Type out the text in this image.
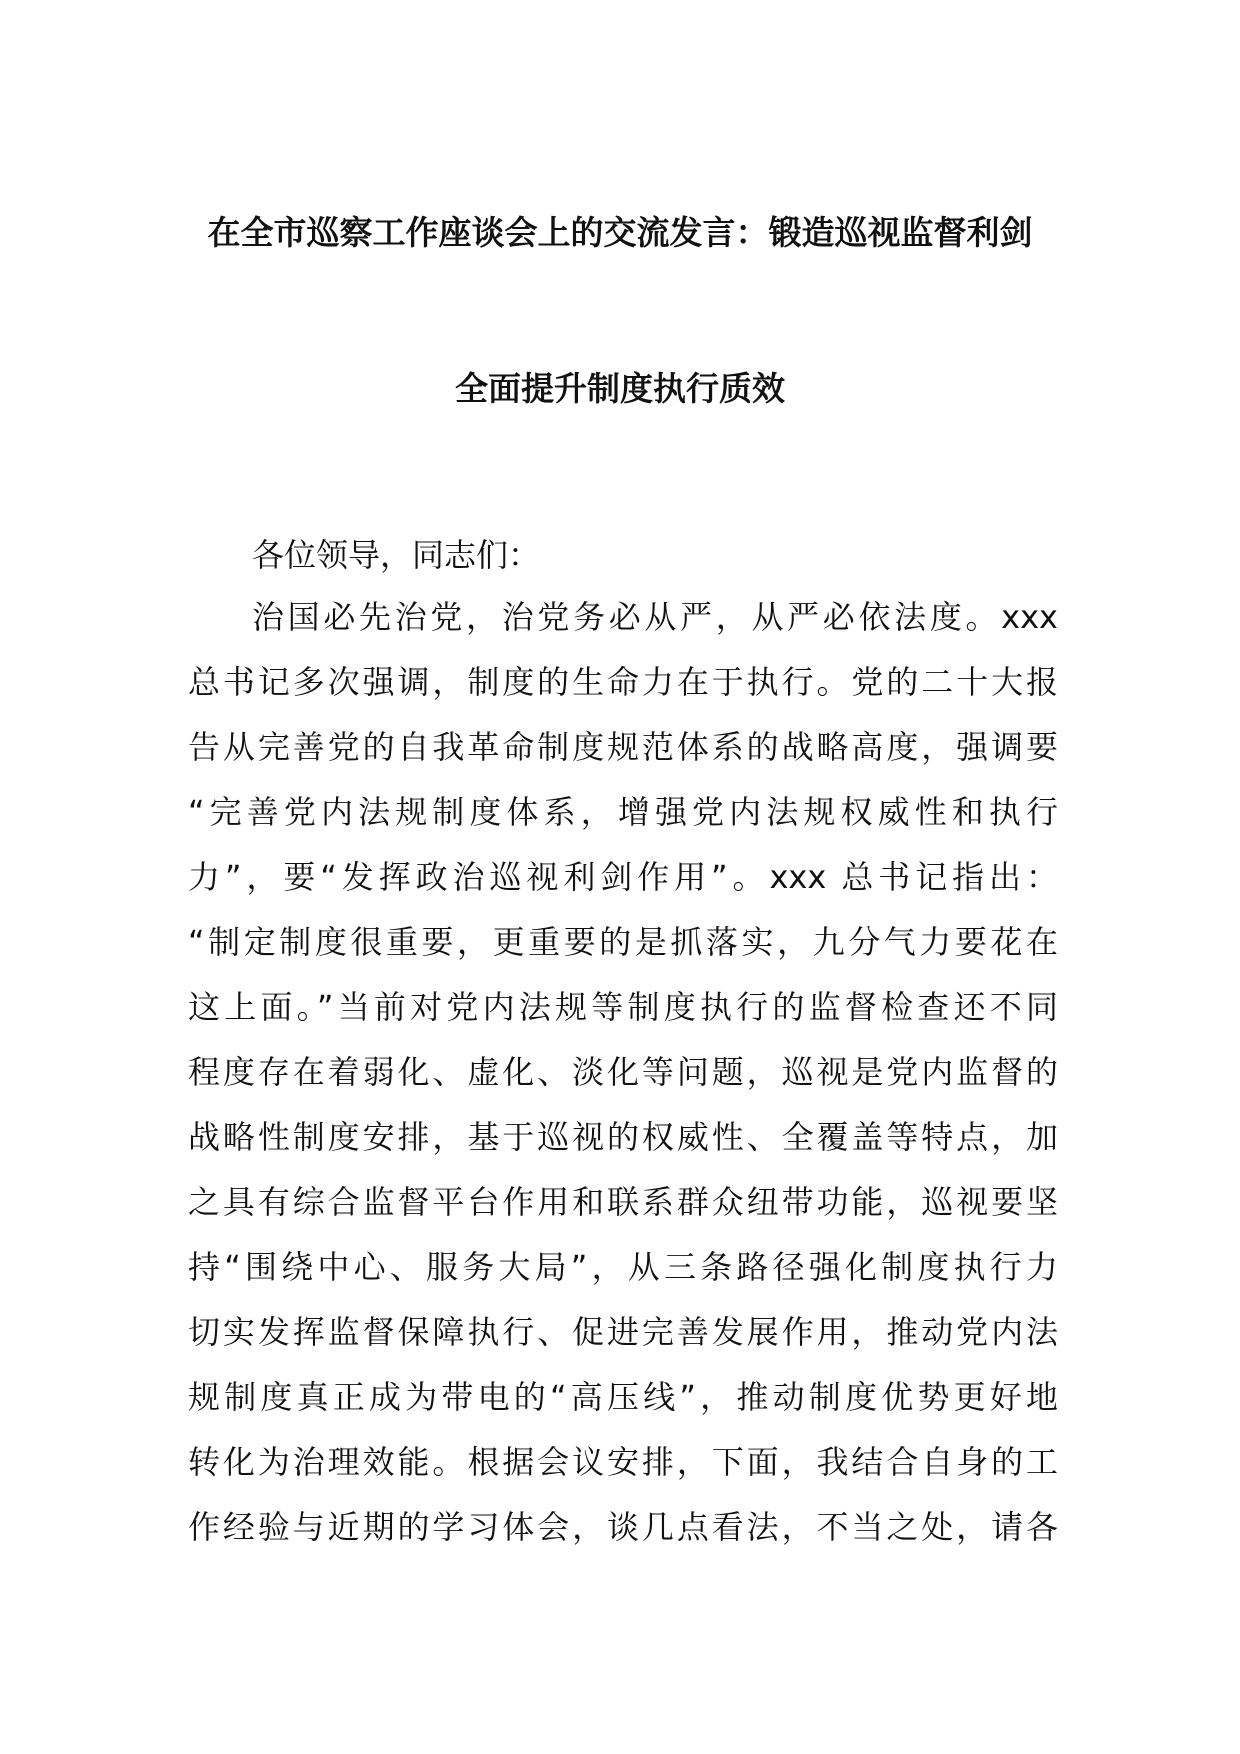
在全市巡察工作座谈会上的交流发言：锻造巡视监督利剑
全面提升制度执行质效
各位领导，同志们：
治国必先治党，治党务必从严，从严必依法度。xxx
总书记多次强调，制度的生命力在于执行。党的二十大报
告从完善党的自我革命制度规范体系的战略高度，强调要
“完善党内法规制度体系，增强党内法规权威性和执行
力”，要“发挥政治巡视利剑作用”。xxx 总书记指出：
“制定制度很重要，更重要的是抓落实，九分气力要花在
这上面。”当前对党内法规等制度执行的监督检查还不同
程度存在着弱化、虚化、淡化等问题，巡视是党内监督的
战略性制度安排，基于巡视的权威性、全覆盖等特点，加
之具有综合监督平台作用和联系群众纽带功能，巡视要坚
持“围绕中心、服务大局”，从三条路径强化制度执行力
切实发挥监督保障执行、促进完善发展作用，推动党内法
规制度真正成为带电的“高压线”，推动制度优势更好地
转化为治理效能。根据会议安排，下面，我结合自身的工
作经验与近期的学习体会，谈几点看法，不当之处，请各
